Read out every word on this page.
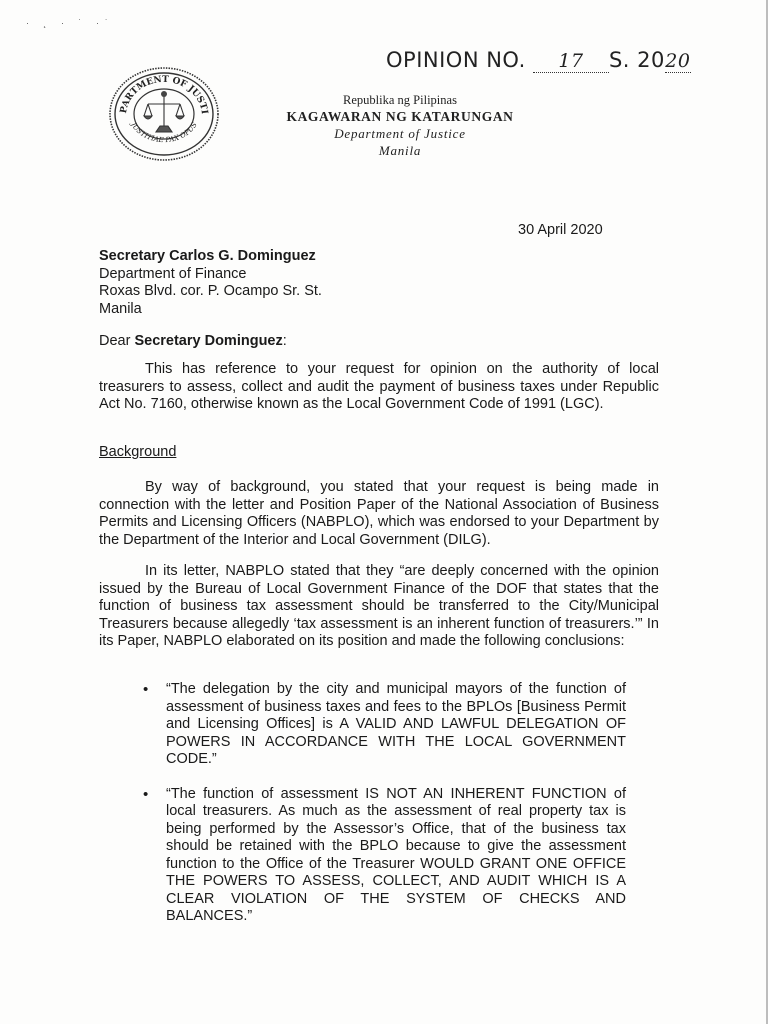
· ˛ · ˙ ·˙
OPINION NO. 17 S. 2020
PARTMENT OF JUSTI
JUSTITIAE PAX OPUS
Republika ng Pilipinas
KAGAWARAN NG KATARUNGAN
Department of Justice
Manila
30 April 2020
Secretary Carlos G. Dominguez
Department of Finance
Roxas Blvd. cor. P. Ocampo Sr. St.
Manila
Dear Secretary Dominguez:

This has reference to your request for opinion on the authority of local treasurers to assess, collect and audit the payment of business taxes under Republic Act No. 7160, otherwise known as the Local Government Code of 1991 (LGC).

Background

By way of background, you stated that your request is being made in connection with the letter and Position Paper of the National Association of Business Permits and Licensing Officers (NABPLO), which was endorsed to your Department by the Department of the Interior and Local Government (DILG).

In its letter, NABPLO stated that they “are deeply concerned with the opinion issued by the Bureau of Local Government Finance of the DOF that states that the function of business tax assessment should be transferred to the City/Municipal Treasurers because allegedly ‘tax assessment is an inherent function of treasurers.’” In its Paper, NABPLO elaborated on its position and made the following conclusions:

• “The delegation by the city and municipal mayors of the function of assessment of business taxes and fees to the BPLOs [Business Permit and Licensing Offices] is A VALID AND LAWFUL DELEGATION OF POWERS IN ACCORDANCE WITH THE LOCAL GOVERNMENT CODE.”
• “The function of assessment IS NOT AN INHERENT FUNCTION of local treasurers. As much as the assessment of real property tax is being performed by the Assessor’s Office, that of the business tax should be retained with the BPLO because to give the assessment function to the Office of the Treasurer WOULD GRANT ONE OFFICE THE POWERS TO ASSESS, COLLECT, AND AUDIT WHICH IS A CLEAR VIOLATION OF THE SYSTEM OF CHECKS AND BALANCES.”
